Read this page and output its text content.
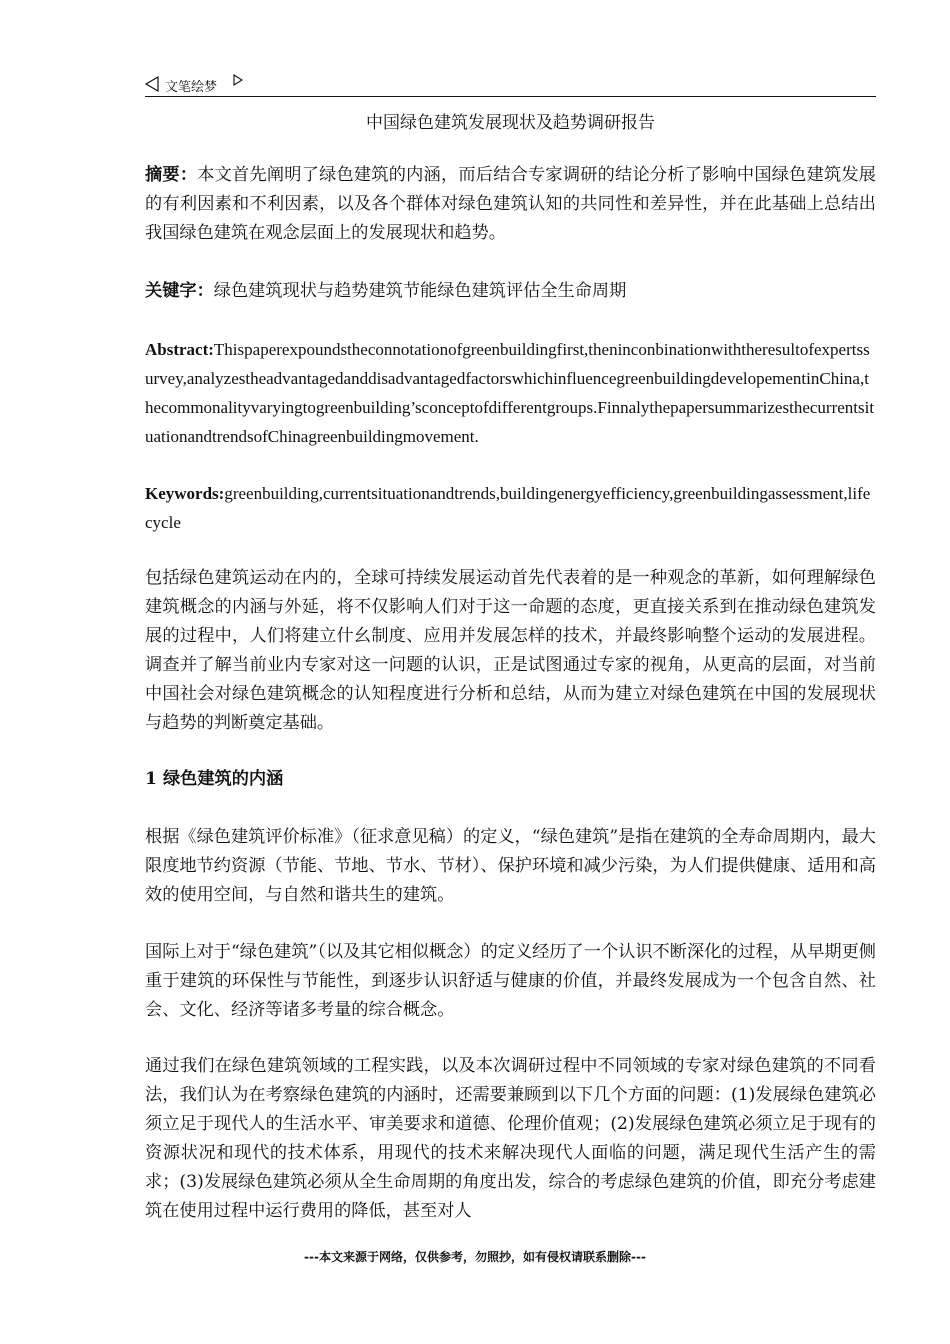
文笔绘梦
中国绿色建筑发展现状及趋势调研报告

摘要：本文首先阐明了绿色建筑的内涵，而后结合专家调研的结论分析了影响中国绿色建筑发展的有利因素和不利因素，以及各个群体对绿色建筑认知的共同性和差异性，并在此基础上总结出我国绿色建筑在观念层面上的发展现状和趋势。

关键字：绿色建筑现状与趋势建筑节能绿色建筑评估全生命周期

Abstract:Thispaperexpoundstheconnotationofgreenbuildingfirst,theninconbinationwiththeresultofexpertssurvey,analyzestheadvantagedanddisadvantagedfactorswhichinfluencegreenbuildingdevelopementinChina,thecommonalityvaryingtogreenbuilding’sconceptofdifferentgroups.FinnalythepapersummarizesthecurrentsituationandtrendsofChinagreenbuildingmovement.

Keywords:greenbuilding,currentsituationandtrends,buildingenergyefficiency,greenbuildingassessment,lifecycle

包括绿色建筑运动在内的，全球可持续发展运动首先代表着的是一种观念的革新，如何理解绿色建筑概念的内涵与外延，将不仅影响人们对于这一命题的态度，更直接关系到在推动绿色建筑发展的过程中，人们将建立什幺制度、应用并发展怎样的技术，并最终影响整个运动的发展进程。调查并了解当前业内专家对这一问题的认识，正是试图通过专家的视角，从更高的层面，对当前中国社会对绿色建筑概念的认知程度进行分析和总结，从而为建立对绿色建筑在中国的发展现状与趋势的判断奠定基础。

1 绿色建筑的内涵

根据《绿色建筑评价标准》（征求意见稿）的定义，“绿色建筑”是指在建筑的全寿命周期内，最大限度地节约资源（节能、节地、节水、节材）、保护环境和减少污染，为人们提供健康、适用和高效的使用空间，与自然和谐共生的建筑。

国际上对于“绿色建筑”（以及其它相似概念）的定义经历了一个认识不断深化的过程，从早期更侧重于建筑的环保性与节能性，到逐步认识舒适与健康的价值，并最终发展成为一个包含自然、社会、文化、经济等诸多考量的综合概念。

通过我们在绿色建筑领域的工程实践，以及本次调研过程中不同领域的专家对绿色建筑的不同看法，我们认为在考察绿色建筑的内涵时，还需要兼顾到以下几个方面的问题：(1)发展绿色建筑必须立足于现代人的生活水平、审美要求和道德、伦理价值观；(2)发展绿色建筑必须立足于现有的资源状况和现代的技术体系，用现代的技术来解决现代人面临的问题，满足现代生活产生的需求；(3)发展绿色建筑必须从全生命周期的角度出发，综合的考虑绿色建筑的价值，即充分考虑建筑在使用过程中运行费用的降低，甚至对人

---本文来源于网络，仅供参考，勿照抄，如有侵权请联系删除---
